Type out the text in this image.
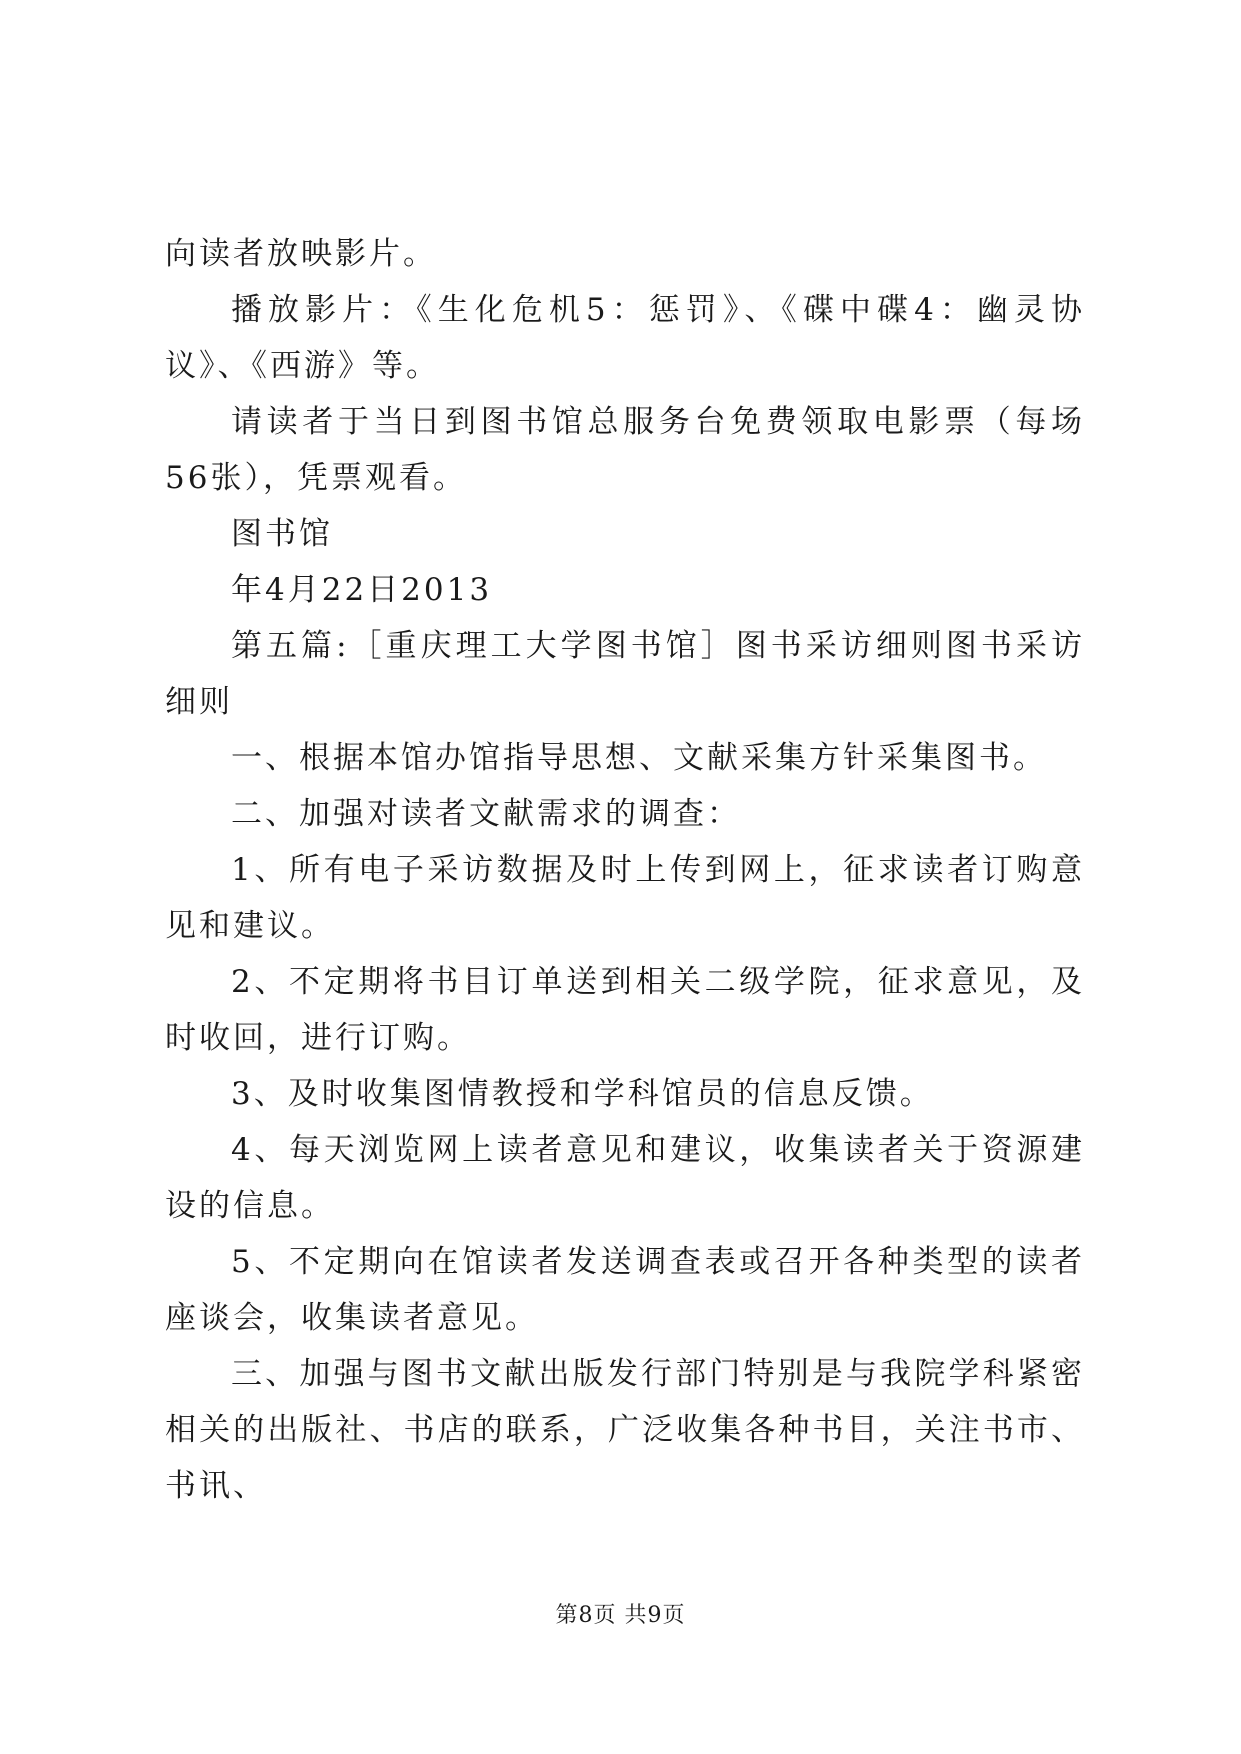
向读者放映影片。

播放影片：《生化危机5：惩罚》、《碟中碟4：幽灵协议》、《西游》等。

请读者于当日到图书馆总服务台免费领取电影票（每场56张），凭票观看。

图书馆

年4月22日2013

第五篇:［重庆理工大学图书馆］图书采访细则图书采访细则

一、根据本馆办馆指导思想、文献采集方针采集图书。

二、加强对读者文献需求的调查：

1、所有电子采访数据及时上传到网上，征求读者订购意见和建议。

2、不定期将书目订单送到相关二级学院，征求意见，及时收回，进行订购。

3、及时收集图情教授和学科馆员的信息反馈。

4、每天浏览网上读者意见和建议，收集读者关于资源建设的信息。

5、不定期向在馆读者发送调查表或召开各种类型的读者座谈会，收集读者意见。

三、加强与图书文献出版发行部门特别是与我院学科紧密相关的出版社、书店的联系，广泛收集各种书目，关注书市、书讯、

第8页 共9页
